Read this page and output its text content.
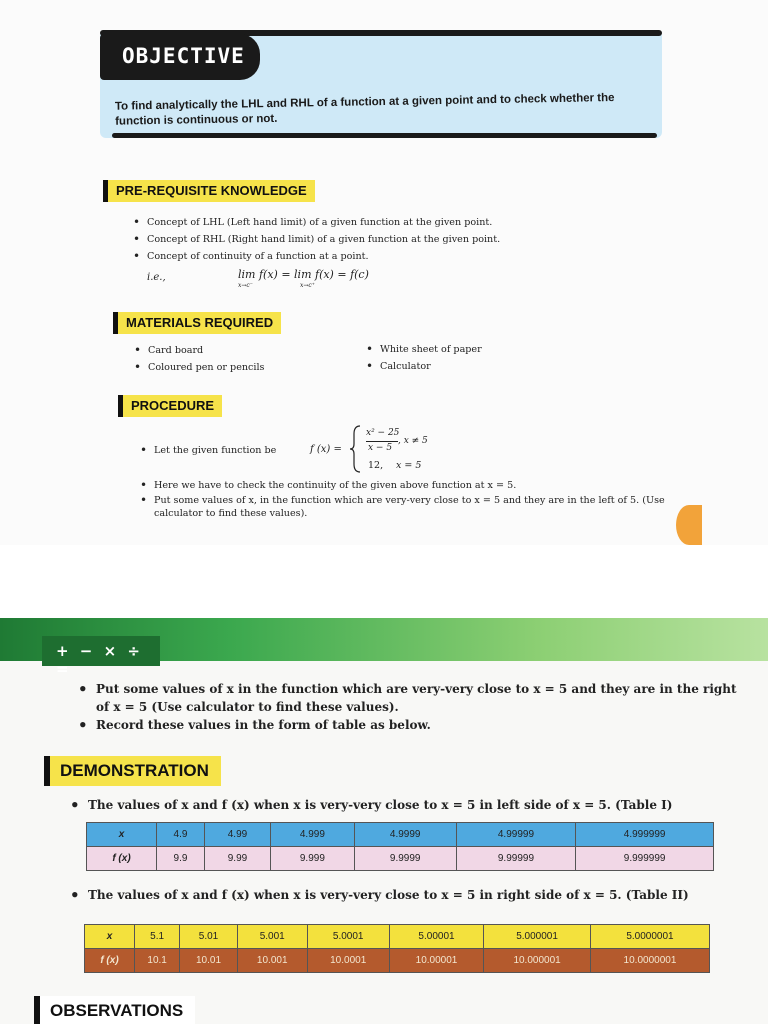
OBJECTIVE
To find analytically the LHL and RHL of a function at a given point and to check whether the function is continuous or not.
PRE-REQUISITE KNOWLEDGE
• Concept of LHL (Left hand limit) of a given function at the given point.
• Concept of RHL (Right hand limit) of a given function at the given point.
• Concept of continuity of a function at a point.
i.e.,	lim f(x) = lim f(x) = f(c)
x→c⁻	x→c⁺
MATERIALS REQUIRED
• Card board
• Coloured pen or pencils
• White sheet of paper
• Calculator
PROCEDURE
• Let the given function be	f (x) =
x² − 25
x − 5
, x ≠ 5
12, x = 5
• Here we have to check the continuity of the given above function at x = 5.
• Put some values of x, in the function which are very-very close to x = 5 and they are in the left of 5. (Use calculator to find these values).
+ − × ÷ =
• Put some values of x in the function which are very-very close to x = 5 and they are in the right of x = 5 (Use calculator to find these values).
• Record these values in the form of table as below.
DEMONSTRATION
• The values of x and f (x) when x is very-very close to x = 5 in left side of x = 5. (Table I)
x	4.9	4.99	4.999	4.9999	4.99999	4.999999
f (x)	9.9	9.99	9.999	9.9999	9.99999	9.999999
• The values of x and f (x) when x is very-very close to x = 5 in right side of x = 5. (Table II)
x	5.1	5.01	5.001	5.0001	5.00001	5.000001	5.0000001
f (x)	10.1	10.01	10.001	10.0001	10.00001	10.000001	10.0000001
OBSERVATIONS
